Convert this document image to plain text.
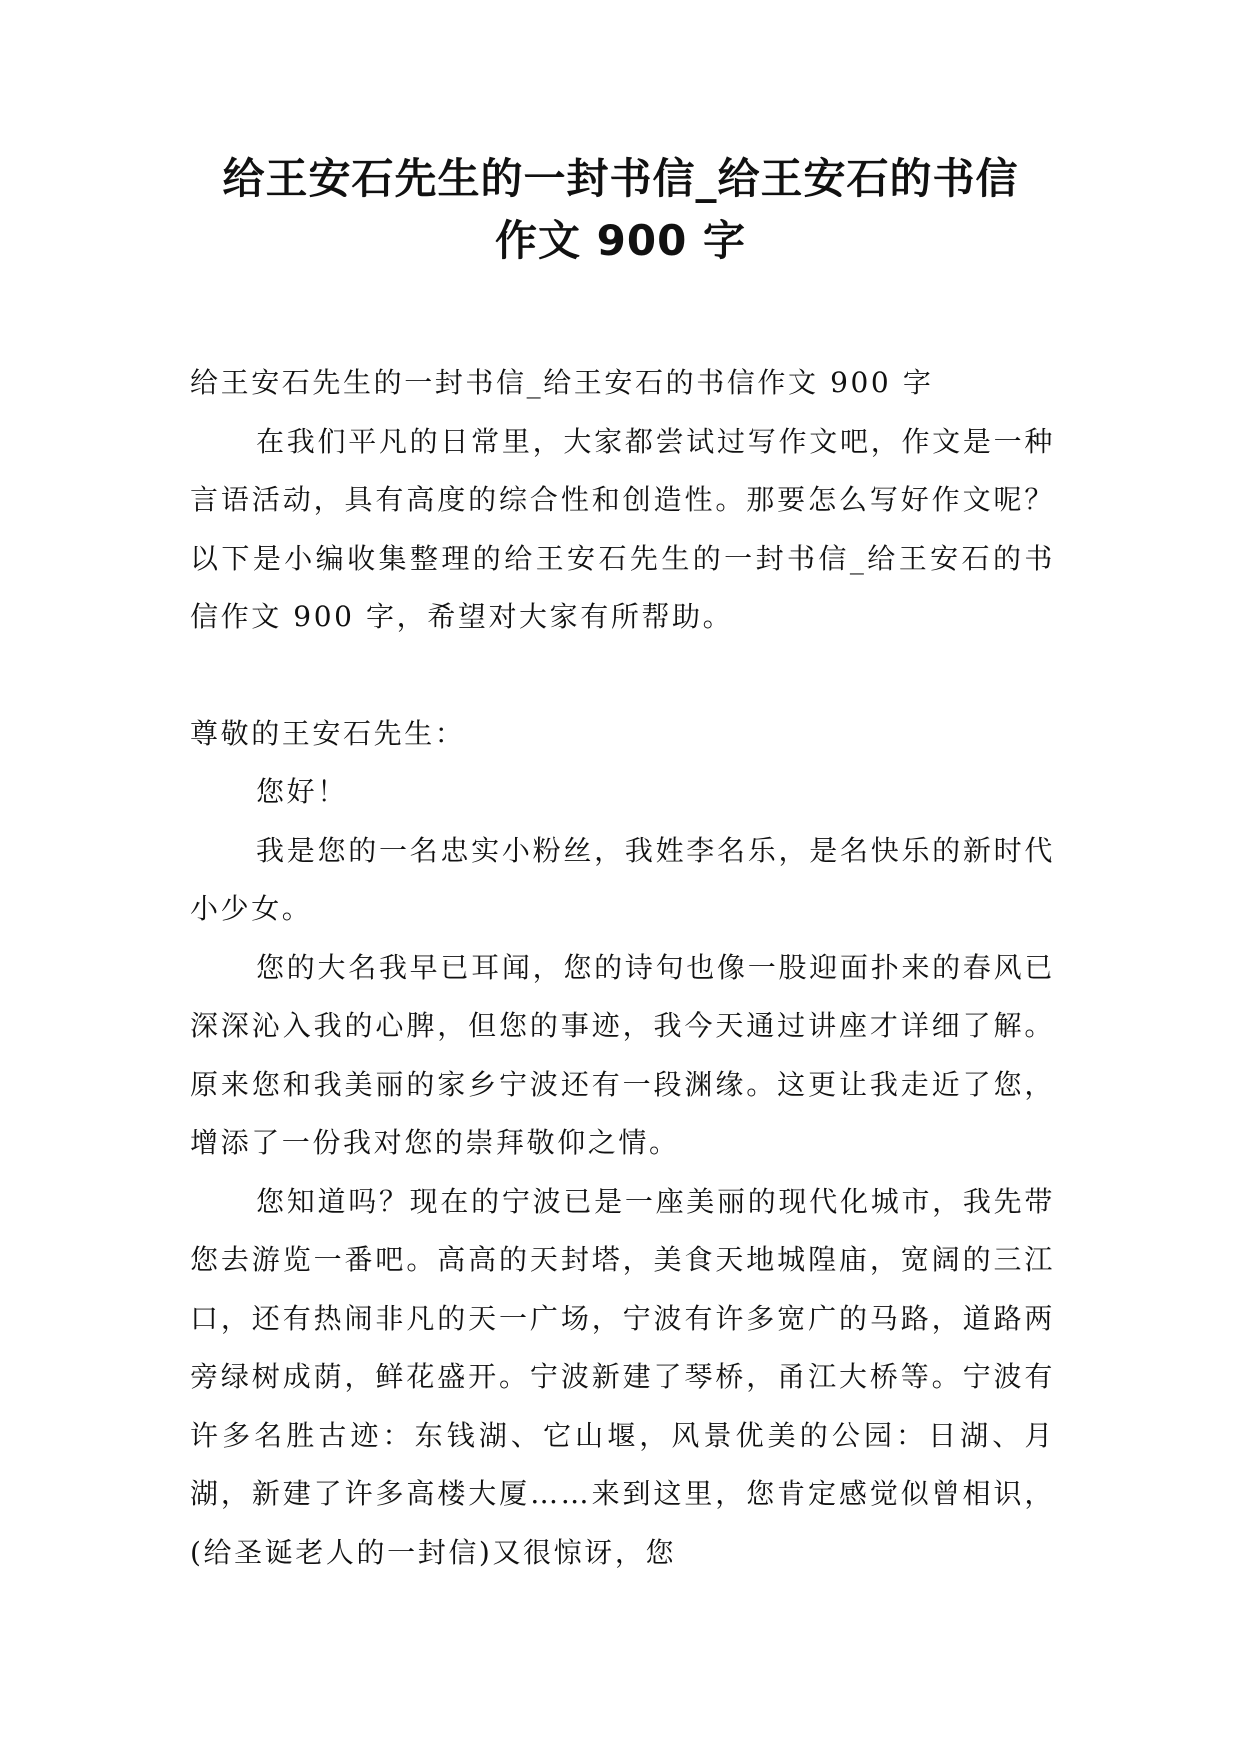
给王安石先生的一封书信_给王安石的书信
作文 900 字

给王安石先生的一封书信_给王安石的书信作文 900 字

在我们平凡的日常里，大家都尝试过写作文吧，作文是一种言语活动，具有高度的综合性和创造性。那要怎么写好作文呢？以下是小编收集整理的给王安石先生的一封书信_给王安石的书信作文 900 字，希望对大家有所帮助。

尊敬的王安石先生：

您好！

我是您的一名忠实小粉丝，我姓李名乐，是名快乐的新时代小少女。

您的大名我早已耳闻，您的诗句也像一股迎面扑来的春风已深深沁入我的心脾，但您的事迹，我今天通过讲座才详细了解。原来您和我美丽的家乡宁波还有一段渊缘。这更让我走近了您，增添了一份我对您的崇拜敬仰之情。

您知道吗？现在的宁波已是一座美丽的现代化城市，我先带您去游览一番吧。高高的天封塔，美食天地城隍庙，宽阔的三江口，还有热闹非凡的天一广场，宁波有许多宽广的马路，道路两旁绿树成荫，鲜花盛开。宁波新建了琴桥，甬江大桥等。宁波有许多名胜古迹：东钱湖、它山堰，风景优美的公园：日湖、月湖，新建了许多高楼大厦……来到这里，您肯定感觉似曾相识，(给圣诞老人的一封信)又很惊讶，您
